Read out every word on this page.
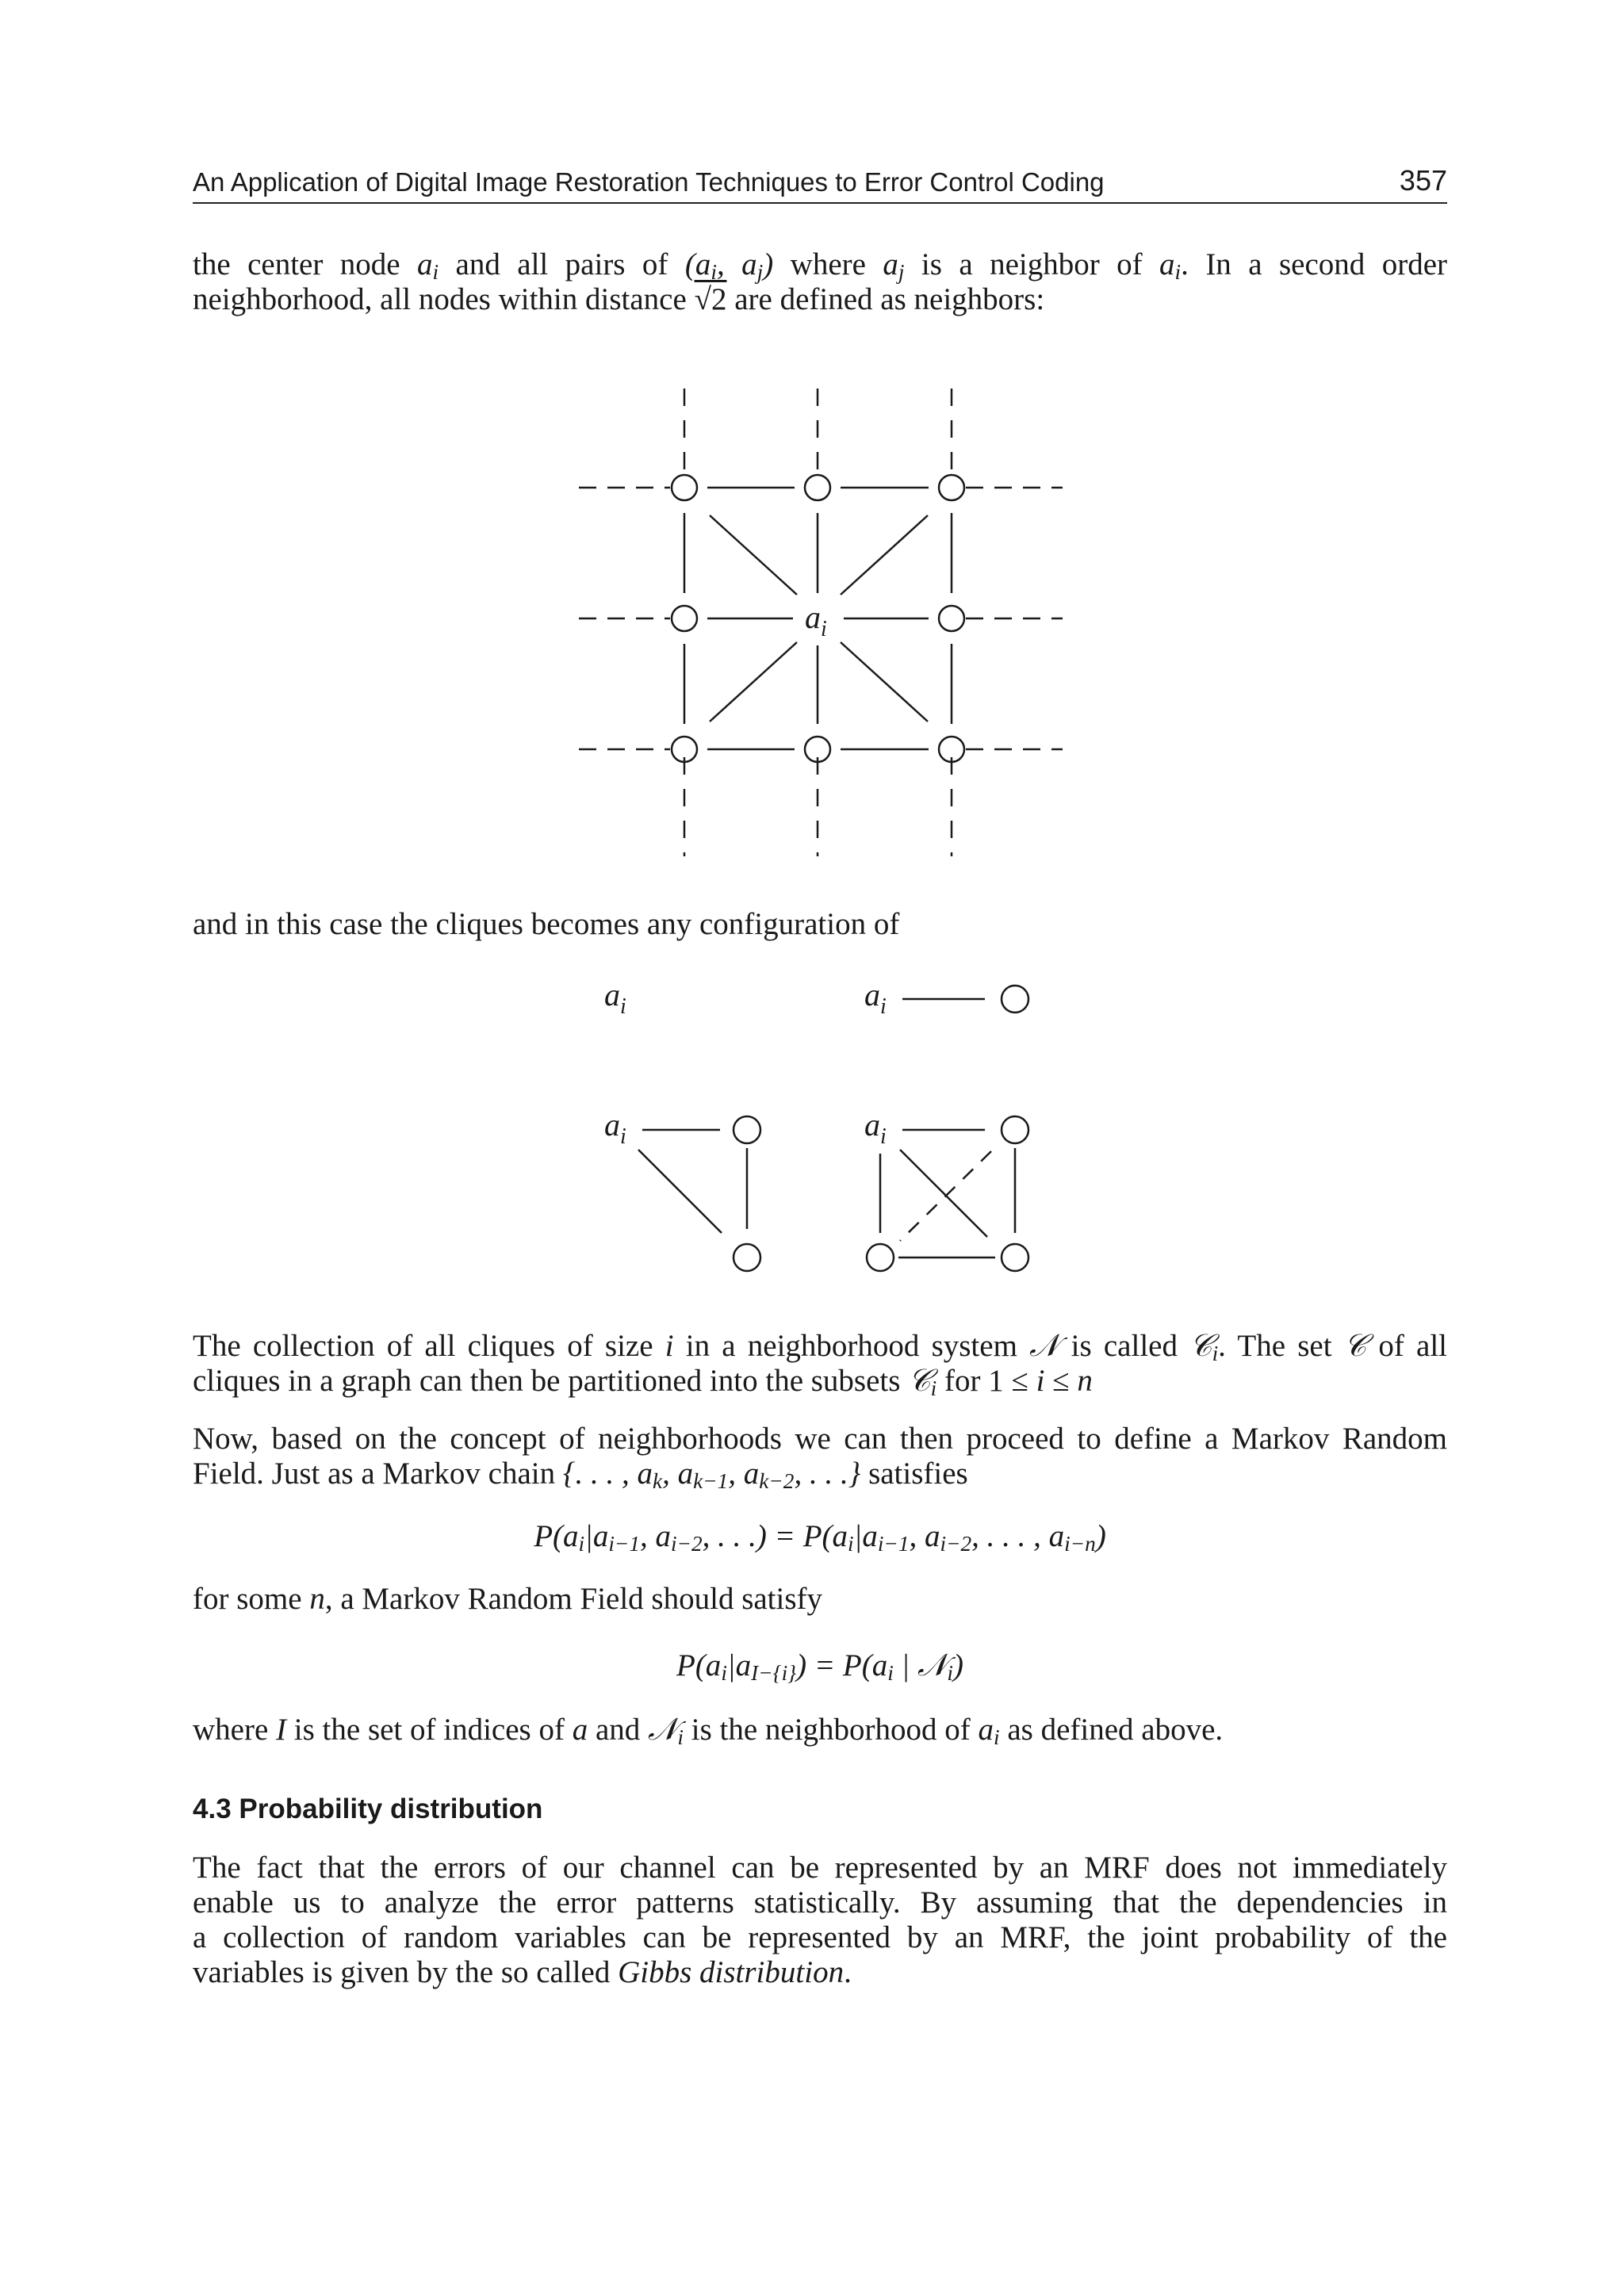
An Application of Digital Image Restoration Techniques to Error Control Coding	357
the center node $a_i$ and all pairs of ($a_i$, $a_j$) where $a_j$ is a neighbor of $a_i$. In a second order
neighborhood, all nodes within distance √2 are defined as neighbors:
$a_i$
and in this case the cliques becomes any configuration of
$a_i$	$a_i$
$a_i$	$a_i$
The collection of all cliques of size i in a neighborhood system 𝒩 is called 𝒞$_i$. The set 𝒞 of all
cliques in a graph can then be partitioned into the subsets 𝒞$_i$ for 1 ≤ i ≤ n
Now, based on the concept of neighborhoods we can then proceed to define a Markov Random
Field. Just as a Markov chain {. . . , $a_k$, $a_{k-1}$, $a_{k-2}$, . . .} satisfies
$P(a_i|a_{i-1}$, $a_{i-2}$, . . .) = $P(a_i|a_{i-1}$, $a_{i-2}$, . . . , $a_{i-n}$)
for some n, a Markov Random Field should satisfy
$P(a_i|a_{I-\{i\}}) = P(a_i$ | 𝒩$_i$)
where I is the set of indices of a and 𝒩$_i$ is the neighborhood of $a_i$ as defined above.
4.3 Probability distribution
The fact that the errors of our channel can be represented by an MRF does not immediately
enable us to analyze the error patterns statistically. By assuming that the dependencies in
a collection of random variables can be represented by an MRF, the joint probability of the
variables is given by the so called Gibbs distribution.
